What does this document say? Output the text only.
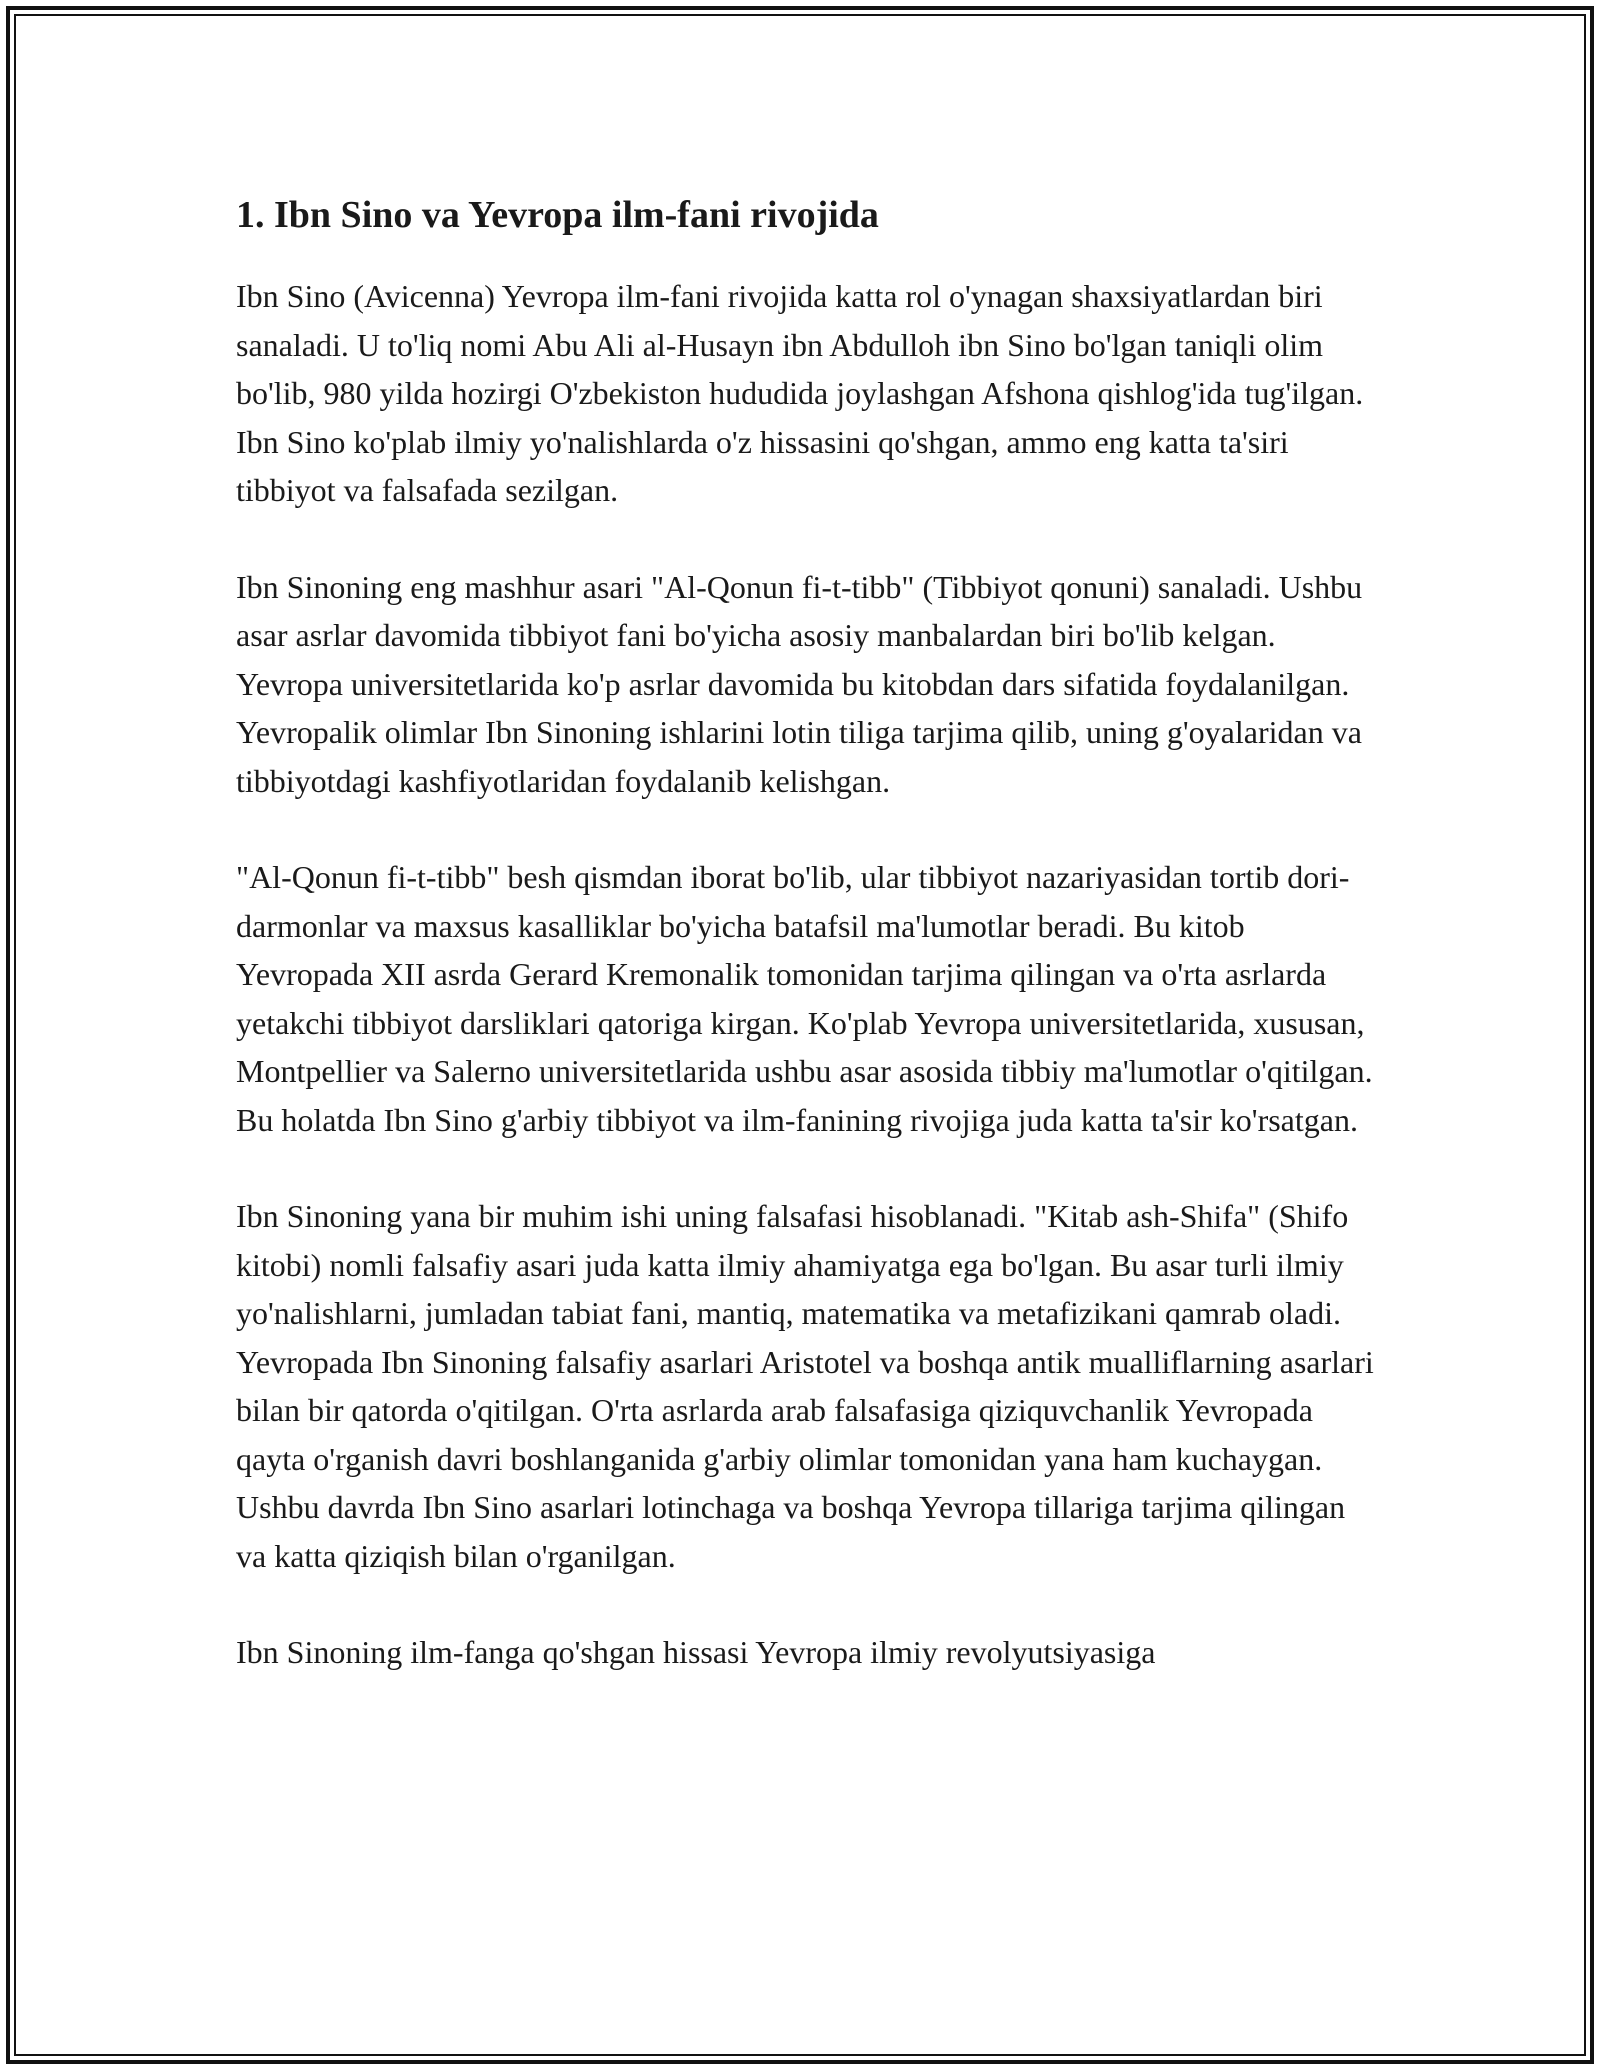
1. Ibn Sino va Yevropa ilm-fani rivojida

Ibn Sino (Avicenna) Yevropa ilm-fani rivojida katta rol o'ynagan shaxsiyatlardan biri sanaladi. U to'liq nomi Abu Ali al-Husayn ibn Abdulloh ibn Sino bo'lgan taniqli olim bo'lib, 980 yilda hozirgi O'zbekiston hududida joylashgan Afshona qishlog'ida tug'ilgan. Ibn Sino ko'plab ilmiy yo'nalishlarda o'z hissasini qo'shgan, ammo eng katta ta'siri tibbiyot va falsafada sezilgan.

Ibn Sinoning eng mashhur asari "Al-Qonun fi-t-tibb" (Tibbiyot qonuni) sanaladi. Ushbu asar asrlar davomida tibbiyot fani bo'yicha asosiy manbalardan biri bo'lib kelgan. Yevropa universitetlarida ko'p asrlar davomida bu kitobdan dars sifatida foydalanilgan. Yevropalik olimlar Ibn Sinoning ishlarini lotin tiliga tarjima qilib, uning g'oyalaridan va tibbiyotdagi kashfiyotlaridan foydalanib kelishgan.

"Al-Qonun fi-t-tibb" besh qismdan iborat bo'lib, ular tibbiyot nazariyasidan tortib dori-darmonlar va maxsus kasalliklar bo'yicha batafsil ma'lumotlar beradi. Bu kitob Yevropada XII asrda Gerard Kremonalik tomonidan tarjima qilingan va o'rta asrlarda yetakchi tibbiyot darsliklari qatoriga kirgan. Ko'plab Yevropa universitetlarida, xususan, Montpellier va Salerno universitetlarida ushbu asar asosida tibbiy ma'lumotlar o'qitilgan. Bu holatda Ibn Sino g'arbiy tibbiyot va ilm-fanining rivojiga juda katta ta'sir ko'rsatgan.

Ibn Sinoning yana bir muhim ishi uning falsafasi hisoblanadi. "Kitab ash-Shifa" (Shifo kitobi) nomli falsafiy asari juda katta ilmiy ahamiyatga ega bo'lgan. Bu asar turli ilmiy yo'nalishlarni, jumladan tabiat fani, mantiq, matematika va metafizikani qamrab oladi. Yevropada Ibn Sinoning falsafiy asarlari Aristotel va boshqa antik mualliflarning asarlari bilan bir qatorda o'qitilgan. O'rta asrlarda arab falsafasiga qiziquvchanlik Yevropada qayta o'rganish davri boshlanganida g'arbiy olimlar tomonidan yana ham kuchaygan. Ushbu davrda Ibn Sino asarlari lotinchaga va boshqa Yevropa tillariga tarjima qilingan va katta qiziqish bilan o'rganilgan.

Ibn Sinoning ilm-fanga qo'shgan hissasi Yevropa ilmiy revolyutsiyasiga
